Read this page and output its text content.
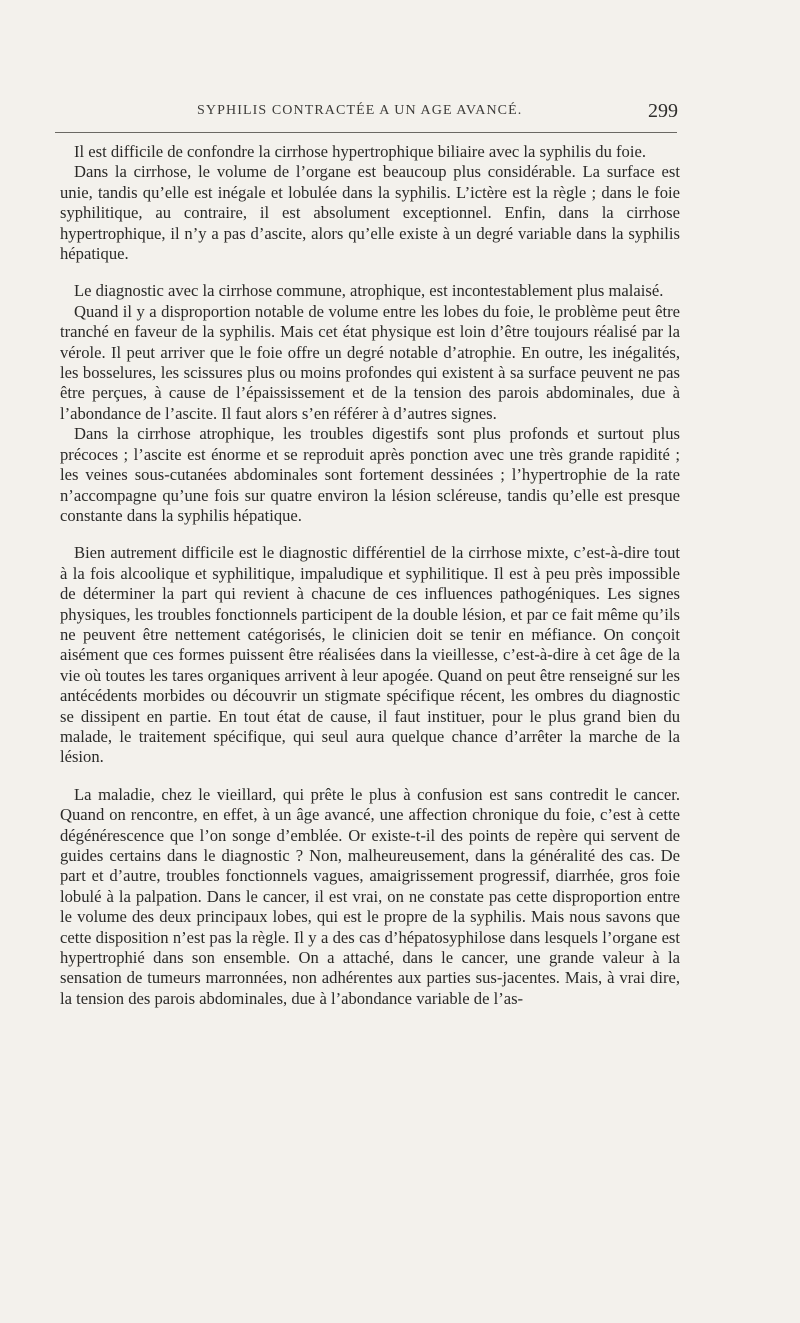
SYPHILIS CONTRACTÉE A UN AGE AVANCÉ.	299

Il est difficile de confondre la cirrhose hypertrophique biliaire avec la syphilis du foie.

Dans la cirrhose, le volume de l’organe est beaucoup plus considérable. La surface est unie, tandis qu’elle est inégale et lobulée dans la syphilis. L’ictère est la règle ; dans le foie syphilitique, au contraire, il est absolument exceptionnel. Enfin, dans la cirrhose hypertrophique, il n’y a pas d’ascite, alors qu’elle existe à un degré variable dans la syphilis hépatique.

Le diagnostic avec la cirrhose commune, atrophique, est incontestablement plus malaisé.

Quand il y a disproportion notable de volume entre les lobes du foie, le problème peut être tranché en faveur de la syphilis. Mais cet état physique est loin d’être toujours réalisé par la vérole. Il peut arriver que le foie offre un degré notable d’atrophie. En outre, les inégalités, les bosselures, les scissures plus ou moins profondes qui existent à sa surface peuvent ne pas être perçues, à cause de l’épaississement et de la tension des parois abdominales, due à l’abondance de l’ascite. Il faut alors s’en référer à d’autres signes.

Dans la cirrhose atrophique, les troubles digestifs sont plus profonds et surtout plus précoces ; l’ascite est énorme et se reproduit après ponction avec une très grande rapidité ; les veines sous-cutanées abdominales sont fortement dessinées ; l’hypertrophie de la rate n’accompagne qu’une fois sur quatre environ la lésion scléreuse, tandis qu’elle est presque constante dans la syphilis hépatique.

Bien autrement difficile est le diagnostic différentiel de la cirrhose mixte, c’est-à-dire tout à la fois alcoolique et syphilitique, impaludique et syphilitique. Il est à peu près impossible de déterminer la part qui revient à chacune de ces influences pathogéniques. Les signes physiques, les troubles fonctionnels participent de la double lésion, et par ce fait même qu’ils ne peuvent être nettement catégorisés, le clinicien doit se tenir en méfiance. On conçoit aisément que ces formes puissent être réalisées dans la vieillesse, c’est-à-dire à cet âge de la vie où toutes les tares organiques arrivent à leur apogée. Quand on peut être renseigné sur les antécédents morbides ou découvrir un stigmate spécifique récent, les ombres du diagnostic se dissipent en partie. En tout état de cause, il faut instituer, pour le plus grand bien du malade, le traitement spécifique, qui seul aura quelque chance d’arrêter la marche de la lésion.

La maladie, chez le vieillard, qui prête le plus à confusion est sans contredit le cancer. Quand on rencontre, en effet, à un âge avancé, une affection chronique du foie, c’est à cette dégénérescence que l’on songe d’emblée. Or existe-t-il des points de repère qui servent de guides certains dans le diagnostic ? Non, malheureusement, dans la généralité des cas. De part et d’autre, troubles fonctionnels vagues, amaigrissement progressif, diarrhée, gros foie lobulé à la palpation. Dans le cancer, il est vrai, on ne constate pas cette disproportion entre le volume des deux principaux lobes, qui est le propre de la syphilis. Mais nous savons que cette disposition n’est pas la règle. Il y a des cas d’hépatosyphilose dans lesquels l’organe est hypertrophié dans son ensemble. On a attaché, dans le cancer, une grande valeur à la sensation de tumeurs marronnées, non adhérentes aux parties sus-jacentes. Mais, à vrai dire, la tension des parois abdominales, due à l’abondance variable de l’as-
